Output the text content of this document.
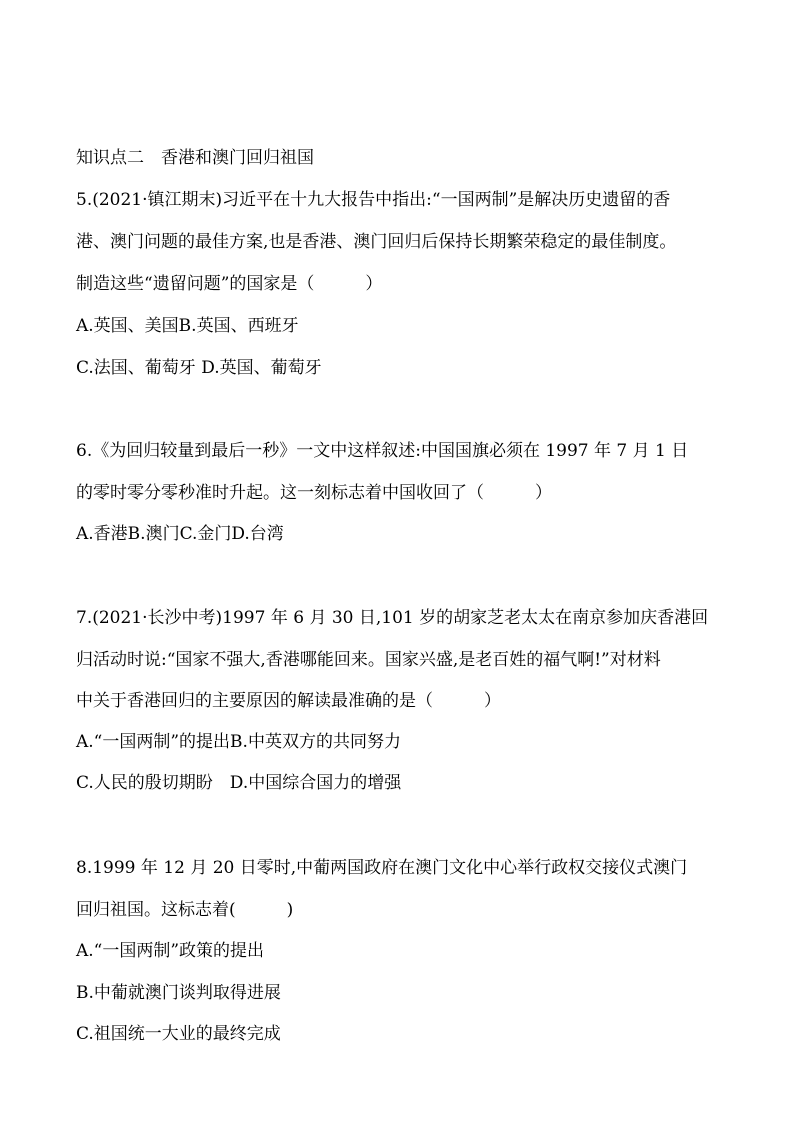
知识点二　香港和澳门回归祖国
5.(2021·镇江期末)习近平在十九大报告中指出:“一国两制”是解决历史遗留的香
港、澳门问题的最佳方案,也是香港、澳门回归后保持长期繁荣稳定的最佳制度。
制造这些“遗留问题”的国家是（　　　）
A.英国、美国B.英国、西班牙
C.法国、葡萄牙 D.英国、葡萄牙
6.《为回归较量到最后一秒》一文中这样叙述:中国国旗必须在 1997 年 7 月 1 日
的零时零分零秒准时升起。这一刻标志着中国收回了（　　　）
A.香港B.澳门C.金门D.台湾
7.(2021·长沙中考)1997 年 6 月 30 日,101 岁的胡家芝老太太在南京参加庆香港回
归活动时说:“国家不强大,香港哪能回来。国家兴盛,是老百姓的福气啊!”对材料
中关于香港回归的主要原因的解读最准确的是（　　　）
A.“一国两制”的提出B.中英双方的共同努力
C.人民的殷切期盼　D.中国综合国力的增强
8.1999 年 12 月 20 日零时,中葡两国政府在澳门文化中心举行政权交接仪式澳门
回归祖国。这标志着(　　　)
A.“一国两制”政策的提出
B.中葡就澳门谈判取得进展
C.祖国统一大业的最终完成
